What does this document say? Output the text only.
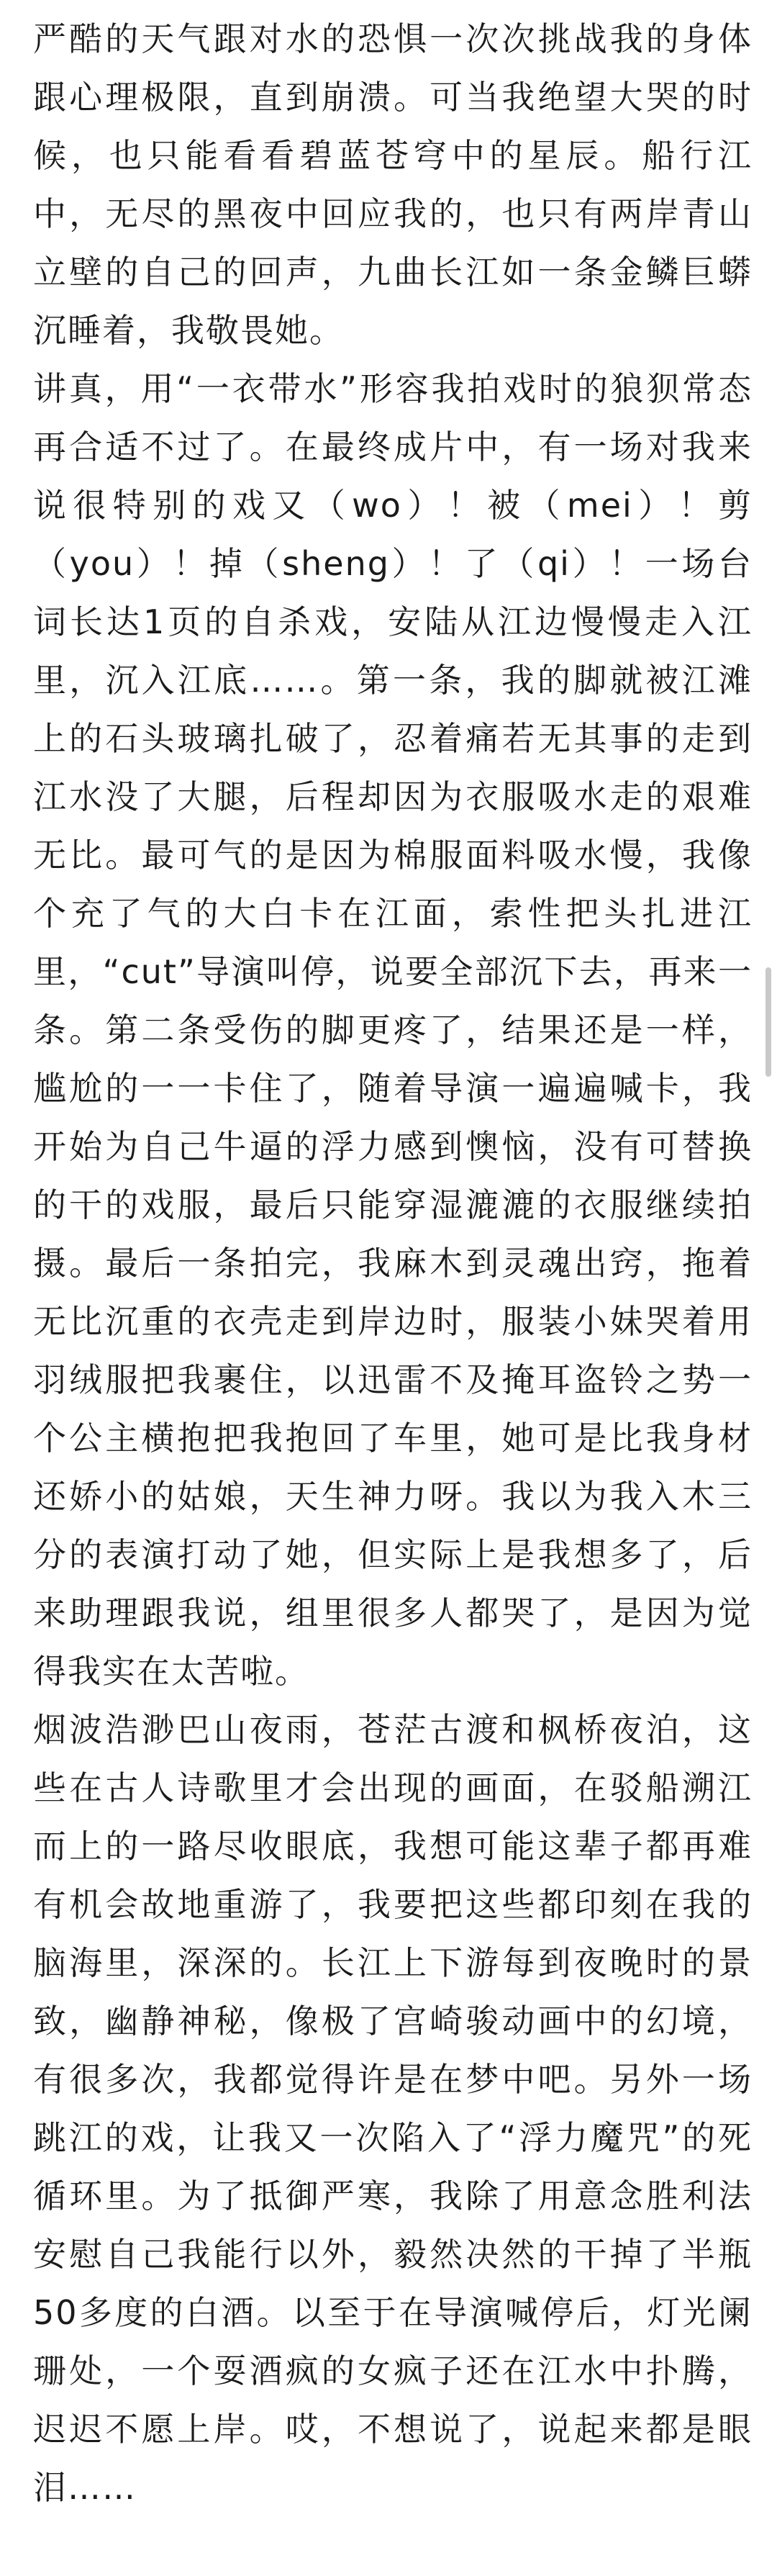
严酷的天气跟对水的恐惧一次次挑战我的身体跟心理极限，直到崩溃。可当我绝望大哭的时候，也只能看看碧蓝苍穹中的星辰。船行江中，无尽的黑夜中回应我的，也只有两岸青山立壁的自己的回声，九曲长江如一条金鳞巨蟒沉睡着，我敬畏她。

讲真，用“一衣带水”形容我拍戏时的狼狈常态再合适不过了。在最终成片中，有一场对我来说很特别的戏又（wo）！被（mei）！剪（you）！掉（sheng）！了（qi）！一场台词长达1页的自杀戏，安陆从江边慢慢走入江里，沉入江底……。第一条，我的脚就被江滩上的石头玻璃扎破了，忍着痛若无其事的走到江水没了大腿，后程却因为衣服吸水走的艰难无比。最可气的是因为棉服面料吸水慢，我像个充了气的大白卡在江面，索性把头扎进江里，“cut”导演叫停，说要全部沉下去，再来一条。第二条受伤的脚更疼了，结果还是一样，尴尬的一一卡住了，随着导演一遍遍喊卡，我开始为自己牛逼的浮力感到懊恼，没有可替换的干的戏服，最后只能穿湿漉漉的衣服继续拍摄。最后一条拍完，我麻木到灵魂出窍，拖着无比沉重的衣壳走到岸边时，服装小妹哭着用羽绒服把我裹住，以迅雷不及掩耳盗铃之势一个公主横抱把我抱回了车里，她可是比我身材还娇小的姑娘，天生神力呀。我以为我入木三分的表演打动了她，但实际上是我想多了，后来助理跟我说，组里很多人都哭了，是因为觉得我实在太苦啦。

烟波浩渺巴山夜雨，苍茫古渡和枫桥夜泊，这些在古人诗歌里才会出现的画面，在驳船溯江而上的一路尽收眼底，我想可能这辈子都再难有机会故地重游了，我要把这些都印刻在我的脑海里，深深的。长江上下游每到夜晚时的景致，幽静神秘，像极了宫崎骏动画中的幻境，有很多次，我都觉得许是在梦中吧。另外一场跳江的戏，让我又一次陷入了“浮力魔咒”的死循环里。为了抵御严寒，我除了用意念胜利法安慰自己我能行以外，毅然决然的干掉了半瓶50多度的白酒。以至于在导演喊停后，灯光阑珊处，一个耍酒疯的女疯子还在江水中扑腾，迟迟不愿上岸。哎，不想说了，说起来都是眼泪……
